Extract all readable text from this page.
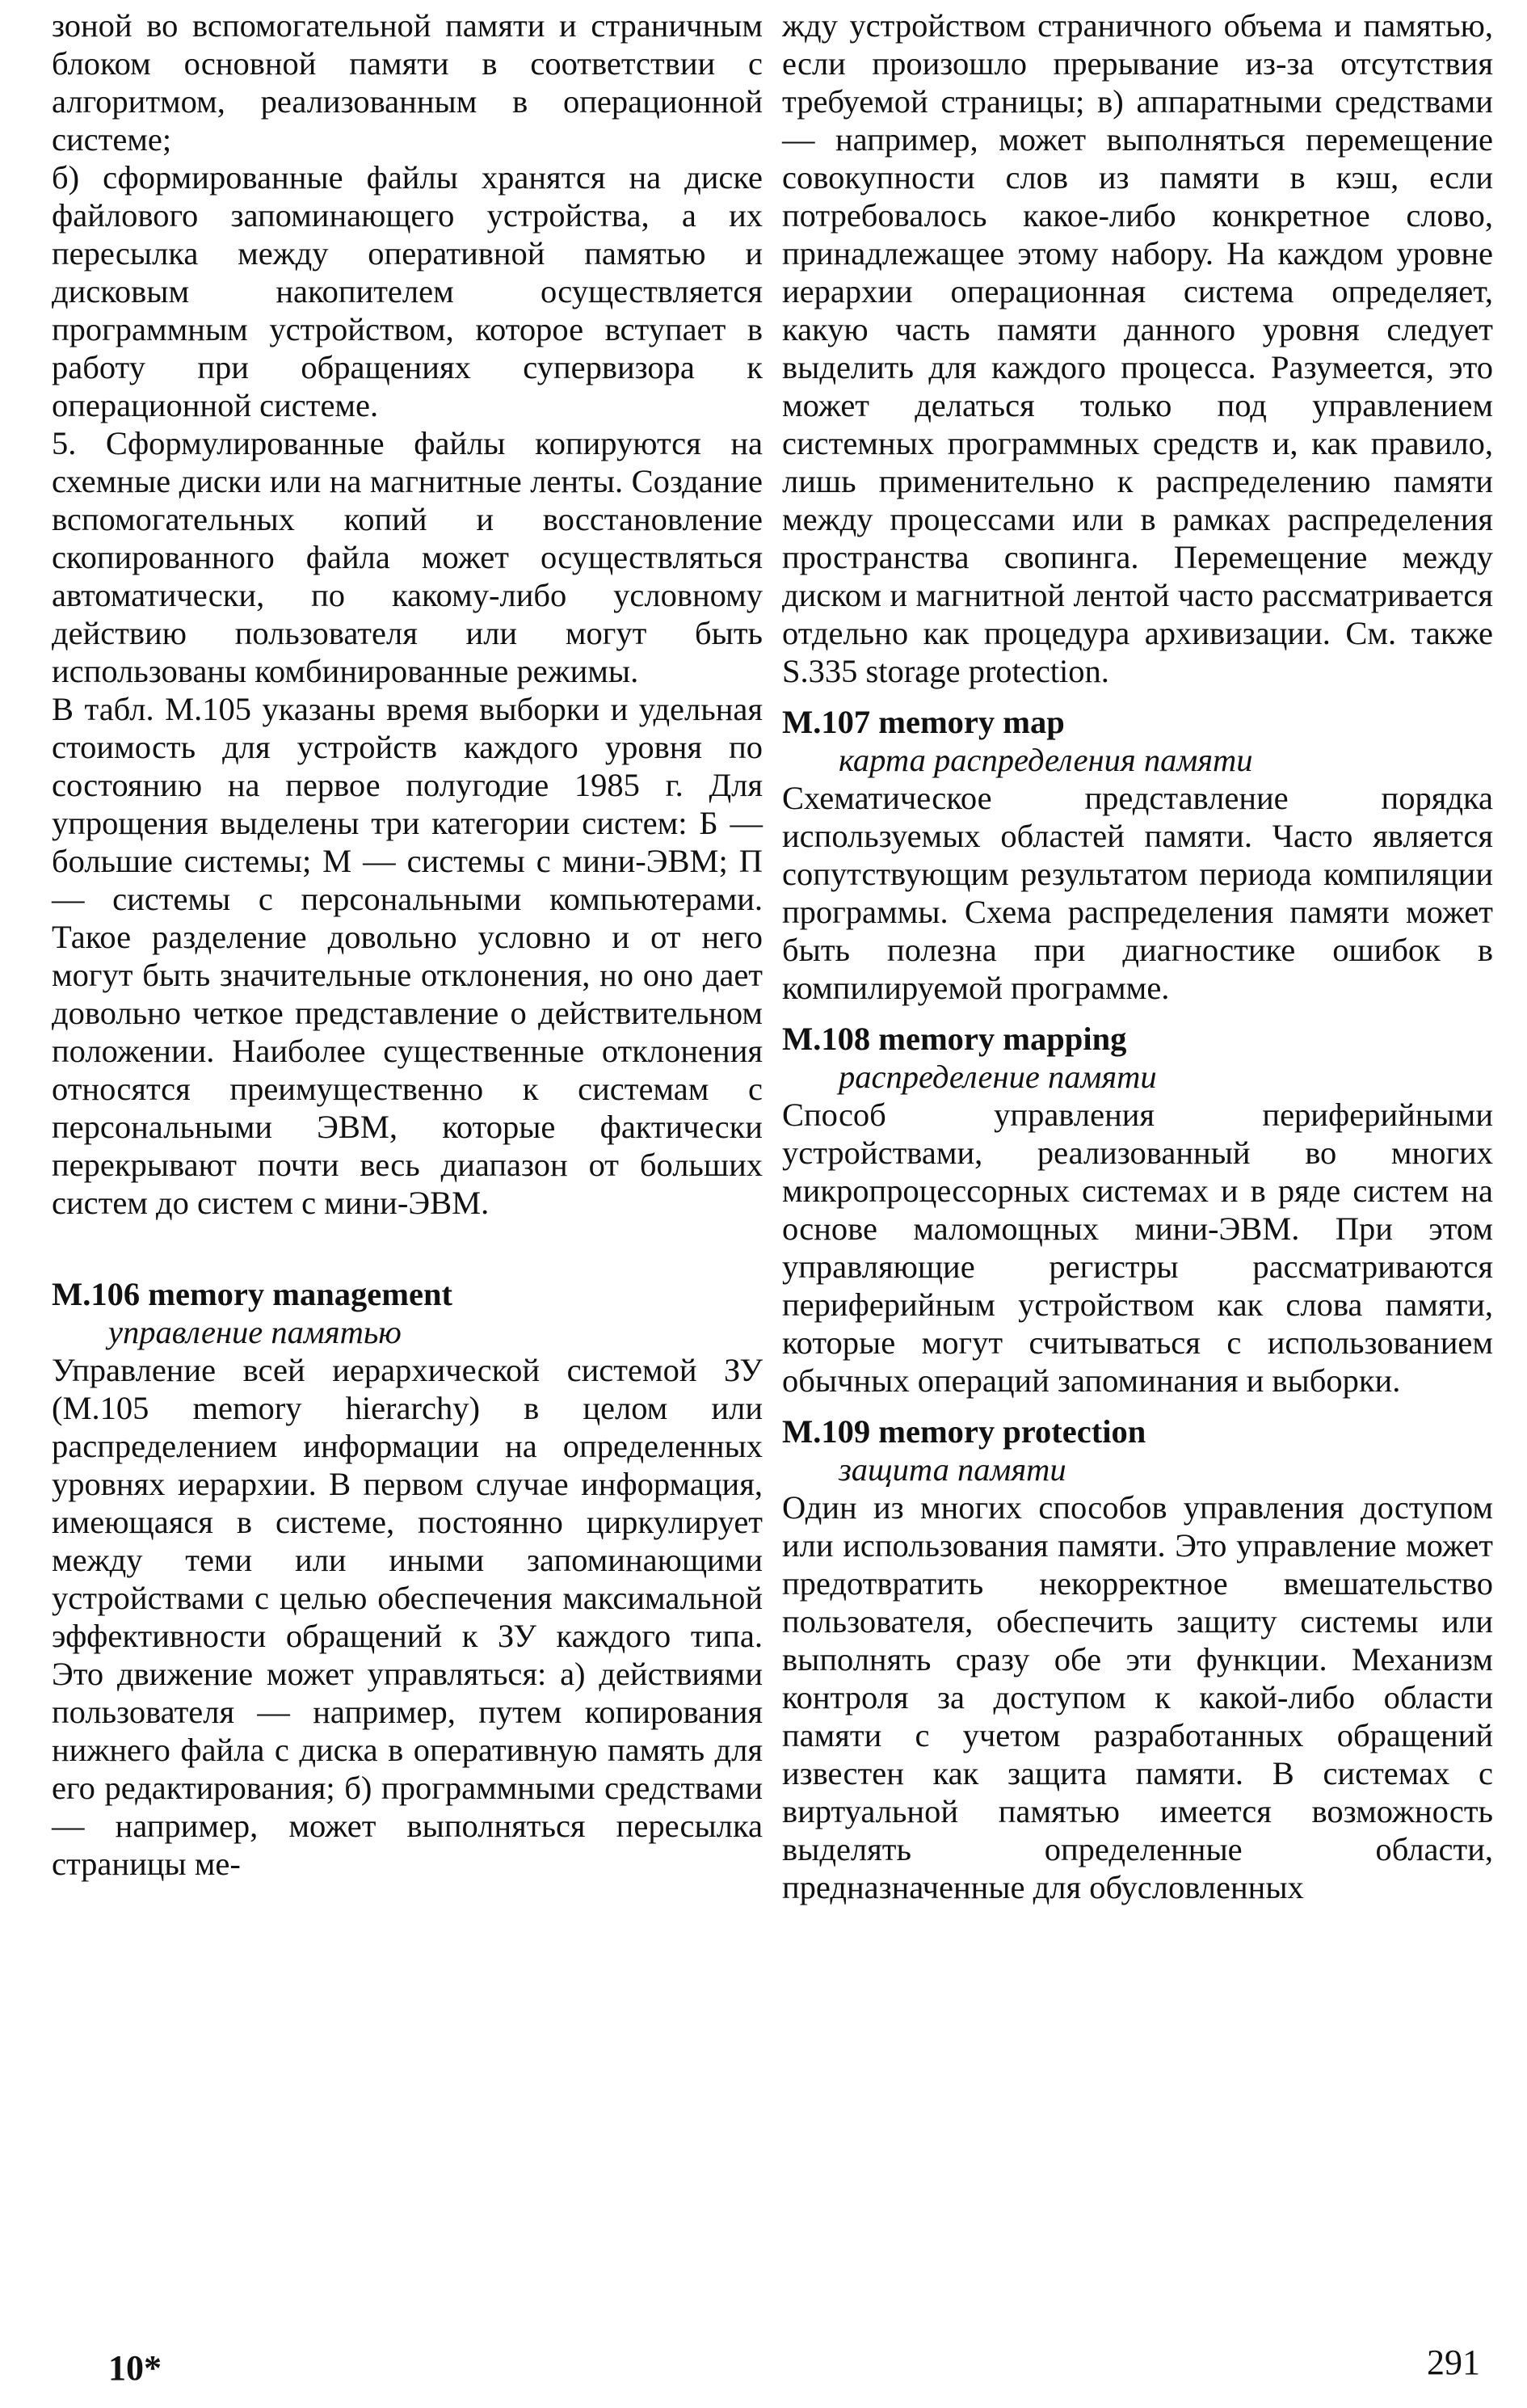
зоной во вспомогательной памяти и страничным блоком основной памяти в соответствии с алгоритмом, реализованным в операционной системе;

б) сформированные файлы хранятся на диске файлового запоминающего устройства, а их пересылка между оперативной памятью и дисковым накопителем осуществляется программным устройством, которое вступает в работу при обращениях супервизора к операционной системе.

5. Сформулированные файлы копируются на схемные диски или на магнитные ленты. Создание вспомогательных копий и восстановление скопированного файла может осуществляться автоматически, по какому-либо условному действию пользователя или могут быть использованы комбинированные режимы.

В табл. M.105 указаны время выборки и удельная стоимость для устройств каждого уровня по состоянию на первое полугодие 1985 г. Для упрощения выделены три категории систем: Б — большие системы; М — системы с мини-ЭВМ; П — системы с персональными компьютерами. Такое разделение довольно условно и от него могут быть значительные отклонения, но оно дает довольно четкое представление о действительном положении. Наиболее существенные отклонения относятся преимущественно к системам с персональными ЭВМ, которые фактически перекрывают почти весь диапазон от больших систем до систем с мини-ЭВМ.

M.106 memory management

управление памятью

Управление всей иерархической системой ЗУ (M.105 memory hierarchy) в целом или распределением информации на определенных уровнях иерархии. В первом случае информация, имеющаяся в системе, постоянно циркулирует между теми или иными запоминающими устройствами с целью обеспечения максимальной эффективности обращений к ЗУ каждого типа. Это движение может управляться: а) действиями пользователя — например, путем копирования нижнего файла с диска в оперативную память для его редактирования; б) программными средствами — например, может выполняться пересылка страницы ме-

жду устройством страничного объема и памятью, если произошло прерывание из-за отсутствия требуемой страницы; в) аппаратными средствами — например, может выполняться перемещение совокупности слов из памяти в кэш, если потребовалось какое-либо конкретное слово, принадлежащее этому набору. На каждом уровне иерархии операционная система определяет, какую часть памяти данного уровня следует выделить для каждого процесса. Разумеется, это может делаться только под управлением системных программных средств и, как правило, лишь применительно к распределению памяти между процессами или в рамках распределения пространства свопинга. Перемещение между диском и магнитной лентой часто рассматривается отдельно как процедура архивизации. См. также S.335 storage protection.

M.107 memory map

карта распределения памяти

Схематическое представление порядка используемых областей памяти. Часто является сопутствующим результатом периода компиляции программы. Схема распределения памяти может быть полезна при диагностике ошибок в компилируемой программе.

M.108 memory mapping

распределение памяти

Способ управления периферийными устройствами, реализованный во многих микропроцессорных системах и в ряде систем на основе маломощных мини-ЭВМ. При этом управляющие регистры рассматриваются периферийным устройством как слова памяти, которые могут считываться с использованием обычных операций запоминания и выборки.

M.109 memory protection

защита памяти

Один из многих способов управления доступом или использования памяти. Это управление может предотвратить некорректное вмешательство пользователя, обеспечить защиту системы или выполнять сразу обе эти функции. Механизм контроля за доступом к какой-либо области памяти с учетом разработанных обращений известен как защита памяти. В системах с виртуальной памятью имеется возможность выделять определенные области, предназначенные для обусловленных

10*	291
